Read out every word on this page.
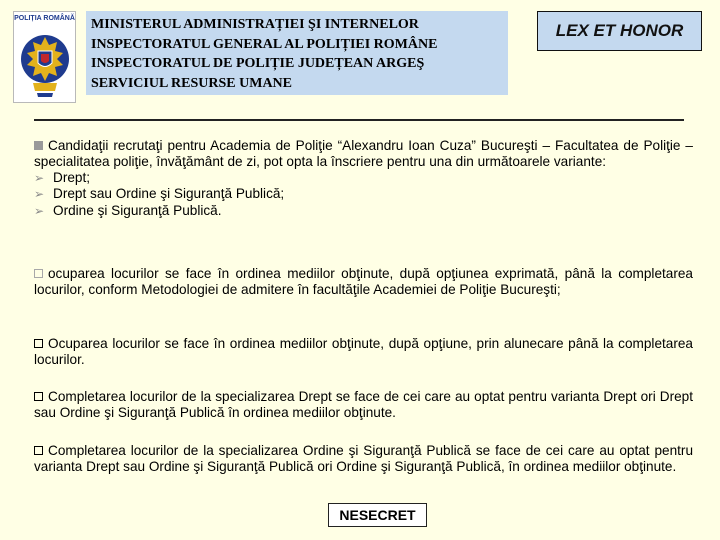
POLIȚIA ROMÂNĂ MINISTERUL ADMINISTRAȚIEI ŞI INTERNELOR
INSPECTORATUL GENERAL AL POLIȚIEI ROMÂNE
INSPECTORATUL DE POLIȚIE JUDEȚEAN ARGEŞ
SERVICIUL RESURSE UMANE
LEX ET HONOR
Candidaţii recrutaţi pentru Academia de Poliţie “Alexandru Ioan Cuza” Bucureşti – Facultatea de Poliţie – specialitatea poliţie, învăţământ de zi, pot opta la înscriere pentru una din următoarele variante:
➢ Drept;
➢ Drept sau Ordine şi Siguranţă Publică;
➢ Ordine şi Siguranţă Publică.
ocuparea locurilor se face în ordinea mediilor obţinute, după opţiunea exprimată, până la completarea locurilor, conform Metodologiei de admitere în facultăţile Academiei de Poliţie Bucureşti;
Ocuparea locurilor se face în ordinea mediilor obţinute, după opţiune, prin alunecare până la completarea locurilor.
Completarea locurilor de la specializarea Drept se face de cei care au optat pentru varianta Drept ori Drept sau Ordine şi Siguranţă Publică în ordinea mediilor obţinute.
Completarea locurilor de la specializarea Ordine şi Siguranţă Publică se face de cei care au optat pentru varianta Drept sau Ordine şi Siguranţă Publică ori Ordine şi Siguranţă Publică, în ordinea mediilor obţinute.
NESECRET
